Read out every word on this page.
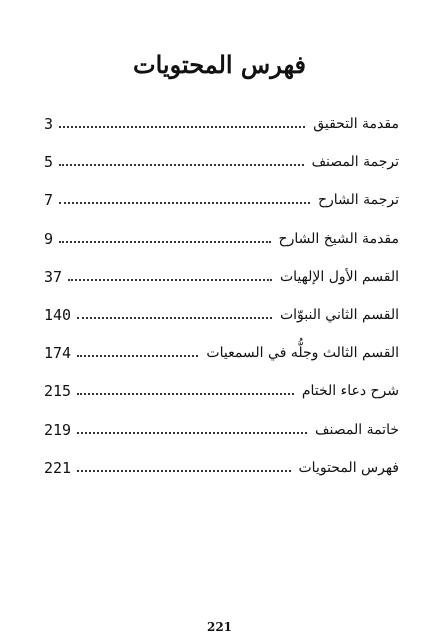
فهرس المحتويات
3	مقدمة التحقيق
5	ترجمة المصنف
7	ترجمة الشارح
9	مقدمة الشيخ الشارح
37	القسم الأول الإلهيات
140	القسم الثاني النبوّات
174	القسم الثالث وجلُّه في السمعيات
215	شرح دعاء الختام
219	خاتمة المصنف
221	فهرس المحتويات
221
